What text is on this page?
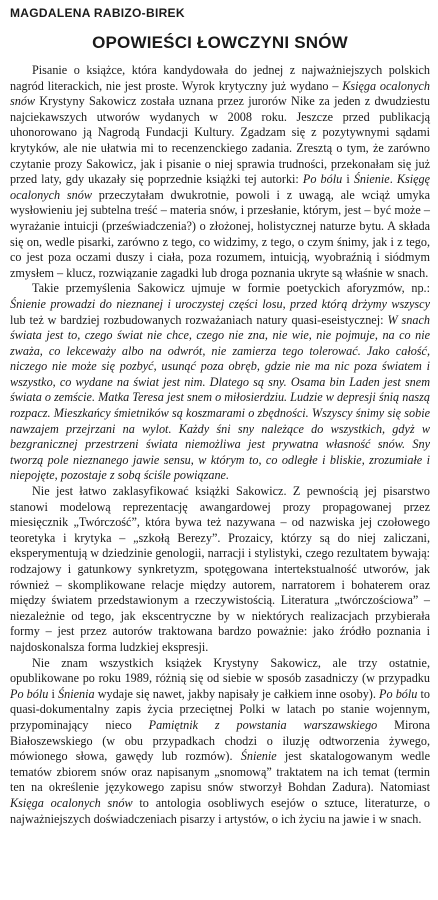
MAGDALENA RABIZO-BIREK
OPOWIEŚCI ŁOWCZYNI SNÓW

Pisanie o książce, która kandydowała do jednej z najważniejszych polskich nagród literackich, nie jest proste. Wyrok krytyczny już wydano – Księga ocalonych snów Krystyny Sakowicz została uznana przez jurorów Nike za jeden z dwudziestu najciekawszych utworów wydanych w 2008 roku. Jeszcze przed publikacją uhonorowano ją Nagrodą Fundacji Kultury. Zgadzam się z pozytywnymi sądami krytyków, ale nie ułatwia mi to recenzenckiego zadania. Zresztą o tym, że zarówno czytanie prozy Sakowicz, jak i pisanie o niej sprawia trudności, przekonałam się już przed laty, gdy ukazały się poprzednie książki tej autorki: Po bólu i Śnienie. Księgę ocalonych snów przeczytałam dwukrotnie, powoli i z uwagą, ale wciąż umyka wysłowieniu jej subtelna treść – materia snów, i przesłanie, którym, jest – być może – wyrażanie intuicji (przeświadczenia?) o złożonej, holistycznej naturze bytu. A składa się on, wedle pisarki, zarówno z tego, co widzimy, z tego, o czym śnimy, jak i z tego, co jest poza oczami duszy i ciała, poza rozumem, intuicją, wyobraźnią i siódmym zmysłem – klucz, rozwiązanie zagadki lub droga poznania ukryte są właśnie w snach.

Takie przemyślenia Sakowicz ujmuje w formie poetyckich aforyzmów, np.: Śnienie prowadzi do nieznanej i uroczystej części losu, przed którą drżymy wszyscy lub też w bardziej rozbudowanych rozważaniach natury quasi-eseistycznej: W snach świata jest to, czego świat nie chce, czego nie zna, nie wie, nie pojmuje, na co nie zważa, co lekceważy albo na odwrót, nie zamierza tego tolerować. Jako całość, niczego nie może się pozbyć, usunąć poza obręb, gdzie nie ma nic poza światem i wszystko, co wydane na świat jest nim. Dlatego są sny. Osama bin Laden jest snem świata o zemście. Matka Teresa jest snem o miłosierdziu. Ludzie w depresji śnią naszą rozpacz. Mieszkańcy śmietników są koszmarami o zbędności. Wszyscy śnimy się sobie nawzajem przejrzani na wylot. Każdy śni sny należące do wszystkich, gdyż w bezgranicznej przestrzeni świata niemożliwa jest prywatna własność snów. Sny tworzą pole nieznanego jawie sensu, w którym to, co odległe i bliskie, zrozumiałe i niepojęte, pozostaje z sobą ściśle powiązane.

Nie jest łatwo zaklasyfikować książki Sakowicz. Z pewnością jej pisarstwo stanowi modelową reprezentację awangardowej prozy propagowanej przez miesięcznik „Twórczość”, która bywa też nazywana – od nazwiska jej czołowego teoretyka i krytyka – „szkołą Berezy”. Prozaicy, którzy są do niej zaliczani, eksperymentują w dziedzinie genologii, narracji i stylistyki, czego rezultatem bywają: rodzajowy i gatunkowy synkretyzm, spotęgowana intertekstualność utworów, jak również – skomplikowane relacje między autorem, narratorem i bohaterem oraz między światem przedstawionym a rzeczywistością. Literatura „twórczościowa” – niezależnie od tego, jak ekscentryczne by w niektórych realizacjach przybierała formy – jest przez autorów traktowana bardzo poważnie: jako źródło poznania i najdoskonalsza forma ludzkiej ekspresji.

Nie znam wszystkich książek Krystyny Sakowicz, ale trzy ostatnie, opublikowane po roku 1989, różnią się od siebie w sposób zasadniczy (w przypadku Po bólu i Śnienia wydaje się nawet, jakby napisały je całkiem inne osoby). Po bólu to quasi-dokumentalny zapis życia przeciętnej Polki w latach po stanie wojennym, przypominający nieco Pamiętnik z powstania warszawskiego Mirona Białoszewskiego (w obu przypadkach chodzi o iluzję odtworzenia żywego, mówionego słowa, gawędy lub rozmów). Śnienie jest skatalogowanym wedle tematów zbiorem snów oraz napisanym „snomową” traktatem na ich temat (termin ten na określenie językowego zapisu snów stworzył Bohdan Zadura). Natomiast Księga ocalonych snów to antologia osobliwych esejów o sztuce, literaturze, o najważniejszych doświadczeniach pisarzy i artystów, o ich życiu na jawie i w snach.
